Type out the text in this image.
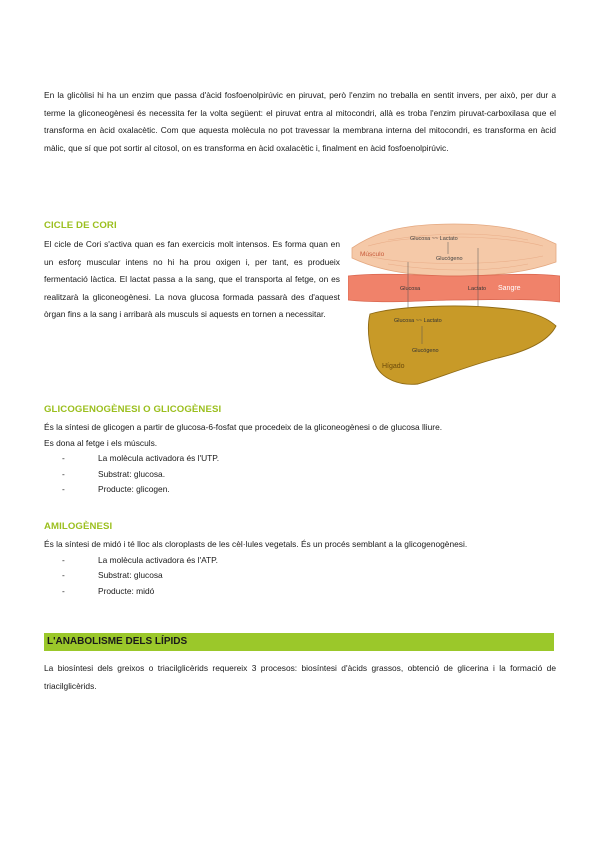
En la glicòlisi hi ha un enzim que passa d'àcid fosfoenolpirúvic en piruvat, però l'enzim no treballa en sentit invers, per això, per dur a terme la gliconeogènesi és necessita fer la volta següent: el piruvat entra al mitocondri, allà es troba l'enzim piruvat-carboxilasa que el transforma en àcid oxalacètic. Com que aquesta molècula no pot travessar la membrana interna del mitocondri, es transforma en àcid màlic, que sí que pot sortir al citosol, on es transforma en àcid oxalacètic i, finalment en àcid fosfoenolpirúvic.

CICLE DE CORI

El cicle de Cori s'activa quan es fan exercicis molt intensos. Es forma quan en un esforç muscular intens no hi ha prou oxigen i, per tant, es produeix fermentació làctica. El lactat passa a la sang, que el transporta al fetge, on es realitzarà la gliconeogènesi. La nova glucosa formada passarà des d'aquest òrgan fins a la sang i arribarà als musculs si aquests en tornen a necessitar.

Músculo
Glucosa ~~ Lactato
Glucógeno
Glucosa	Lactato Sangre
Glucosa ~~ Lactato
Glucógeno
Hígado
GLICOGENOGÈNESI O GLICOGÈNESI

És la síntesi de glicogen a partir de glucosa-6-fosfat que procedeix de la gliconeogènesi o de glucosa lliure.

Es dona al fetge i els músculs.

-	La molècula activadora és l'UTP.
-	Substrat: glucosa.
-	Producte: glicogen.
AMILOGÈNESI

És la síntesi de midó i té lloc als cloroplasts de les cèl·lules vegetals. És un procés semblant a la glicogenogènesi.

-	La molècula activadora és l'ATP.
-	Substrat: glucosa
-	Producte: midó
L'ANABOLISME DELS LÍPIDS

La biosíntesi dels greixos o triacilglicèrids requereix 3 procesos: biosíntesi d'àcids grassos, obtenció de glicerina i la formació de triacilglicèrids.
